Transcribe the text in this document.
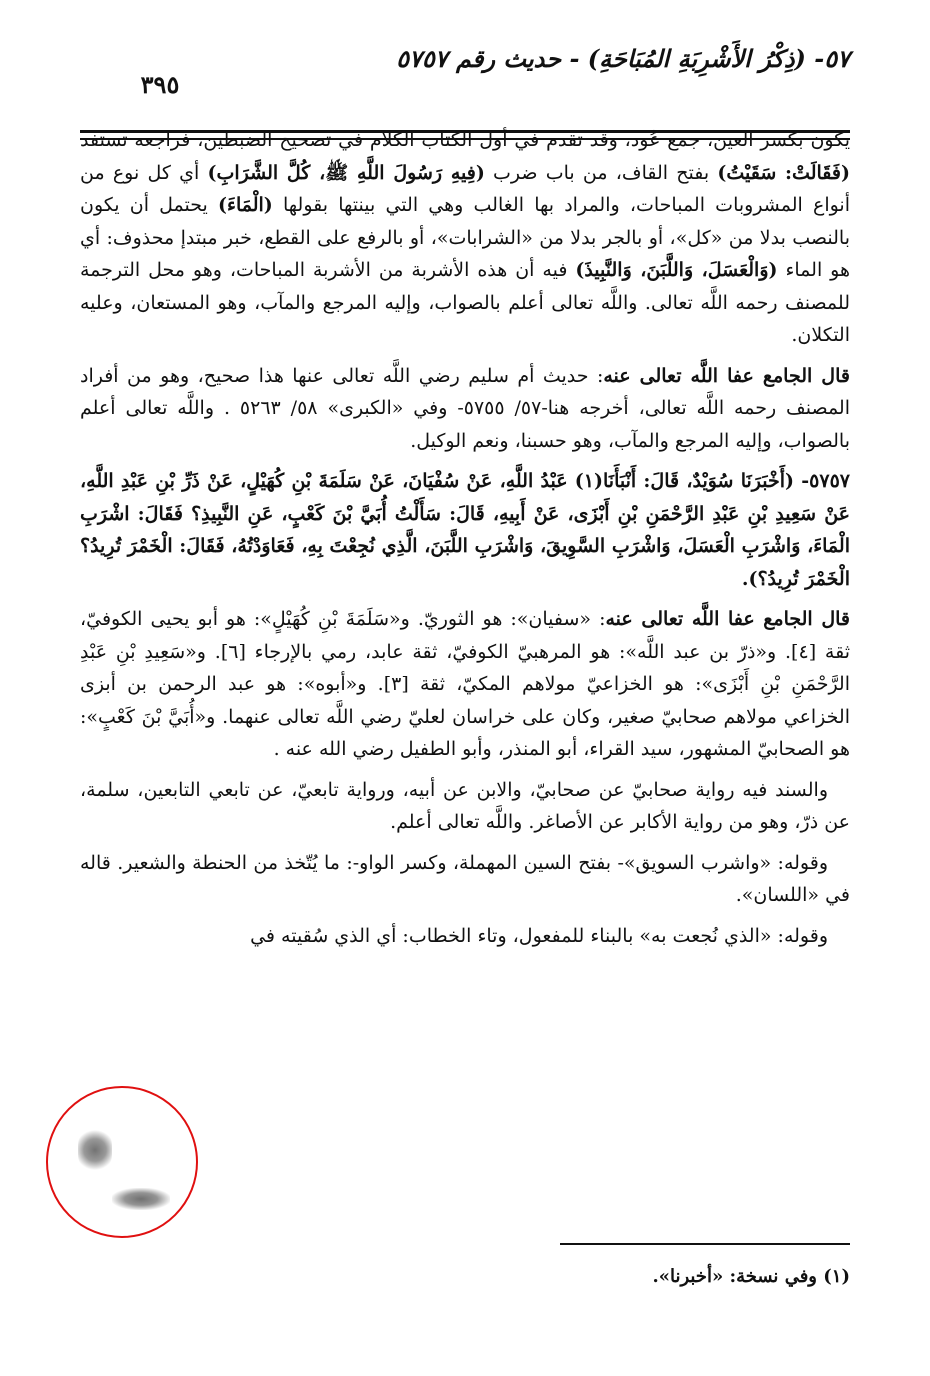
٥٧- (ذِكْرُ الأَشْرِبَةِ المُبَاحَةِ) - حديث رقم ٥٧٥٧
٣٩٥

يكون بكسر العين، جمع عُود، وقد تقدم في أول الكتاب الكلام في تصحيح الضبطين، فراجعه تستفد (فَقَالَتْ: سَقَيْتُ) بفتح القاف، من باب ضرب (فِيهِ رَسُولَ اللَّهِ ﷺ، كُلَّ الشَّرَابِ) أي كل نوع من أنواع المشروبات المباحات، والمراد بها الغالب وهي التي بينتها بقولها (الْمَاءَ) يحتمل أن يكون بالنصب بدلا من «كل»، أو بالجر بدلا من «الشرابات»، أو بالرفع على القطع، خبر مبتدإ محذوف: أي هو الماء (وَالْعَسَلَ، وَاللَّبَنَ، وَالنَّبِيذَ) فيه أن هذه الأشربة من الأشربة المباحات، وهو محل الترجمة للمصنف رحمه اللَّه تعالى. واللَّه تعالى أعلم بالصواب، وإليه المرجع والمآب، وهو المستعان، وعليه التكلان.

قال الجامع عفا اللَّه تعالى عنه: حديث أم سليم رضي اللَّه تعالى عنها هذا صحيح، وهو من أفراد المصنف رحمه اللَّه تعالى، أخرجه هنا-٥٧/ ٥٧٥٥- وفي «الكبرى» ٥٨/ ٥٢٦٣ . واللَّه تعالى أعلم بالصواب، وإليه المرجع والمآب، وهو حسبنا، ونعم الوكيل.

٥٧٥٧- (أَخْبَرَنَا سُوَيْدٌ، قَالَ: أَنْبَأَنَا(١) عَبْدُ اللَّهِ، عَنْ سُفْيَانَ، عَنْ سَلَمَةَ بْنِ كُهَيْلٍ، عَنْ ذَرِّ بْنِ عَبْدِ اللَّهِ، عَنْ سَعِيدِ بْنِ عَبْدِ الرَّحْمَنِ بْنِ أَبْزَى، عَنْ أَبِيهِ، قَالَ: سَأَلْتُ أُبَيَّ بْنَ كَعْبٍ، عَنِ النَّبِيذِ؟ فَقَالَ: اشْرَبِ الْمَاءَ، وَاشْرَبِ الْعَسَلَ، وَاشْرَبِ السَّوِيقَ، وَاشْرَبِ اللَّبَنَ، الَّذِي نُجِعْتَ بِهِ، فَعَاوَدْتُهُ، فَقَالَ: الْخَمْرَ تُرِيدُ؟ الْخَمْرَ تُرِيدُ؟).

قال الجامع عفا اللَّه تعالى عنه: «سفيان»: هو الثوريّ. و«سَلَمَةَ بْنِ كُهَيْلٍ»: هو أبو يحيى الكوفيّ، ثقة [٤]. و«ذرّ بن عبد اللَّه»: هو المرهبيّ الكوفيّ، ثقة عابد، رمي بالإرجاء [٦]. و«سَعِيدِ بْنِ عَبْدِ الرَّحْمَنِ بْنِ أَبْزَى»: هو الخزاعيّ مولاهم المكيّ، ثقة [٣]. و«أبوه»: هو عبد الرحمن بن أبزى الخزاعي مولاهم صحابيّ صغير، وكان على خراسان لعليّ رضي اللَّه تعالى عنهما. و«أُبَيَّ بْنَ كَعْبٍ»: هو الصحابيّ المشهور، سيد القراء، أبو المنذر، وأبو الطفيل رضي الله عنه .

والسند فيه رواية صحابيّ عن صحابيّ، والابن عن أبيه، ورواية تابعيّ، عن تابعي التابعين، سلمة، عن ذرّ، وهو من رواية الأكابر عن الأصاغر. واللَّه تعالى أعلم.

وقوله: «واشرب السويق»- بفتح السين المهملة، وكسر الواو-: ما يُتّخذ من الحنطة والشعير. قاله في «اللسان».

وقوله: «الذي نُجعت به» بالبناء للمفعول، وتاء الخطاب: أي الذي سُقيته في

(١) وفي نسخة: «أخبرنا».
